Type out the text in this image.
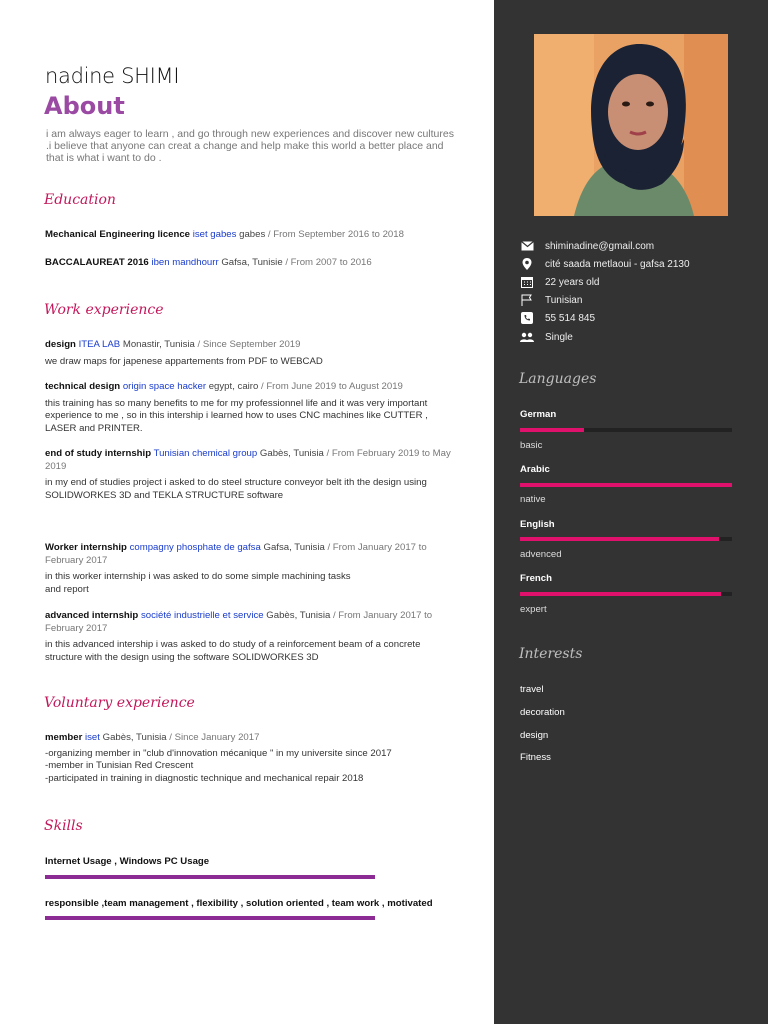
nadine SHIMI
About
i am always eager to learn , and go through new experiences and discover new cultures .i believe that anyone can creat a change and help make this world a better place and that is what i want to do .
Education
Mechanical Engineering licence iset gabes gabes / From September 2016 to 2018
BACCALAUREAT 2016 iben mandhourr Gafsa, Tunisie / From 2007 to 2016
Work experience
design ITEA LAB Monastir, Tunisia / Since September 2019
we draw maps for japenese appartements from PDF to WEBCAD
technical design origin space hacker egypt, cairo / From June 2019 to August 2019
this training has so many benefits to me for my professionnel life and it was very important experience to me , so in this intership i learned how to uses CNC machines like CUTTER , LASER and PRINTER.
end of study internship Tunisian chemical group Gabès, Tunisia / From February 2019 to May 2019
in my end of studies project i asked to do steel structure conveyor belt ith the design using SOLIDWORKES 3D and TEKLA STRUCTURE software
Worker internship compagny phosphate de gafsa Gafsa, Tunisia / From January 2017 to February 2017
in this worker internship i was asked to do some simple machining tasks
and report
advanced internship société industrielle et service Gabès, Tunisia / From January 2017 to February 2017
in this advanced intership i was asked to do study of a reinforcement beam of a concrete structure with the design using the software SOLIDWORKES 3D
Voluntary experience
member iset Gabès, Tunisia / Since January 2017
-organizing member in "club d'innovation mécanique " in my universite since 2017
-member in Tunisian Red Crescent
-participated in training in diagnostic technique and mechanical repair 2018
Skills
Internet Usage , Windows PC Usage
responsible ,team management , flexibility , solution oriented , team work , motivated
shiminadine@gmail.com
cité saada metlaoui - gafsa 2130
22 years old
Tunisian
55 514 845
Single
Languages
German
basic
Arabic
native
English
advenced
French
expert
Interests
travel
decoration
design
Fitness
